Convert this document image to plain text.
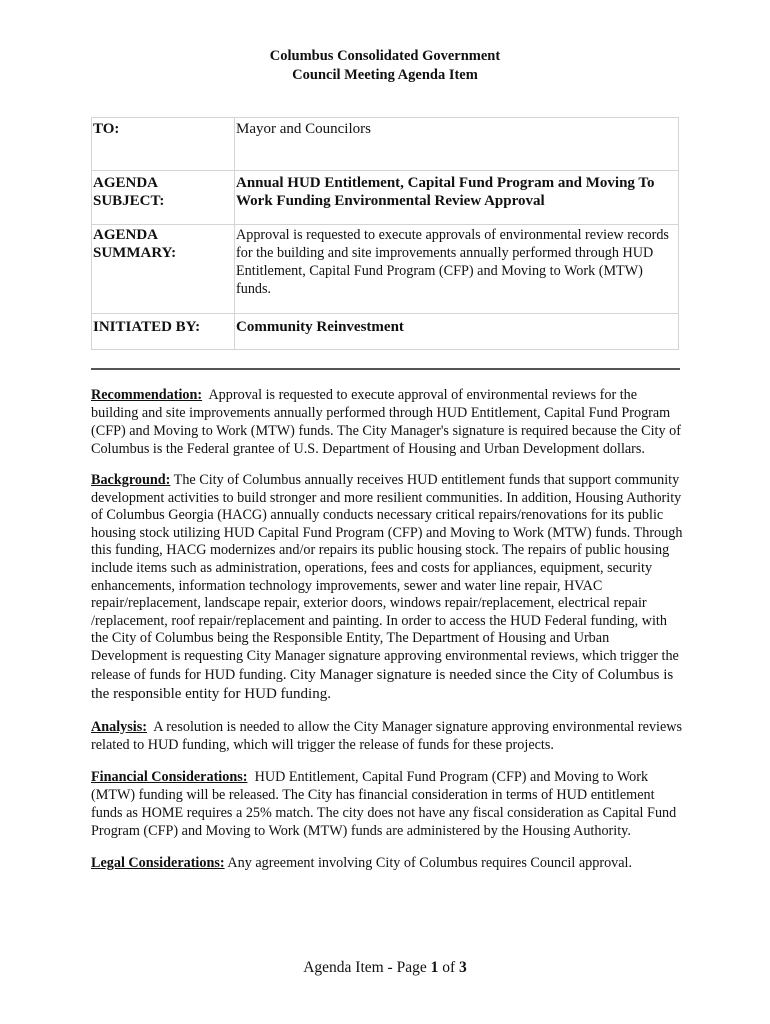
Columbus Consolidated Government
Council Meeting Agenda Item
TO:	Mayor and Councilors

AGENDA
SUBJECT:	Annual HUD Entitlement, Capital Fund Program and Moving To Work Funding Environmental Review Approval

AGENDA
SUMMARY:	Approval is requested to execute approvals of environmental review records for the building and site improvements annually performed through HUD Entitlement, Capital Fund Program (CFP) and Moving to Work (MTW) funds.

INITIATED BY:	Community Reinvestment

Recommendation: Approval is requested to execute approval of environmental reviews for the building and site improvements annually performed through HUD Entitlement, Capital Fund Program (CFP) and Moving to Work (MTW) funds. The City Manager's signature is required because the City of Columbus is the Federal grantee of U.S. Department of Housing and Urban Development dollars.

Background: The City of Columbus annually receives HUD entitlement funds that support community development activities to build stronger and more resilient communities. In addition, Housing Authority of Columbus Georgia (HACG) annually conducts necessary critical repairs/renovations for its public housing stock utilizing HUD Capital Fund Program (CFP) and Moving to Work (MTW) funds. Through this funding, HACG modernizes and/or repairs its public housing stock. The repairs of public housing include items such as administration, operations, fees and costs for appliances, equipment, security enhancements, information technology improvements, sewer and water line repair, HVAC repair/replacement, landscape repair, exterior doors, windows repair/replacement, electrical repair /replacement, roof repair/replacement and painting. In order to access the HUD Federal funding, with the City of Columbus being the Responsible Entity, The Department of Housing and Urban Development is requesting City Manager signature approving environmental reviews, which trigger the release of funds for HUD funding. City Manager signature is needed since the City of Columbus is the responsible entity for HUD funding.

Analysis: A resolution is needed to allow the City Manager signature approving environmental reviews related to HUD funding, which will trigger the release of funds for these projects.

Financial Considerations: HUD Entitlement, Capital Fund Program (CFP) and Moving to Work (MTW) funding will be released. The City has financial consideration in terms of HUD entitlement funds as HOME requires a 25% match. The city does not have any fiscal consideration as Capital Fund Program (CFP) and Moving to Work (MTW) funds are administered by the Housing Authority.

Legal Considerations: Any agreement involving City of Columbus requires Council approval.

Agenda Item - Page 1 of 3
